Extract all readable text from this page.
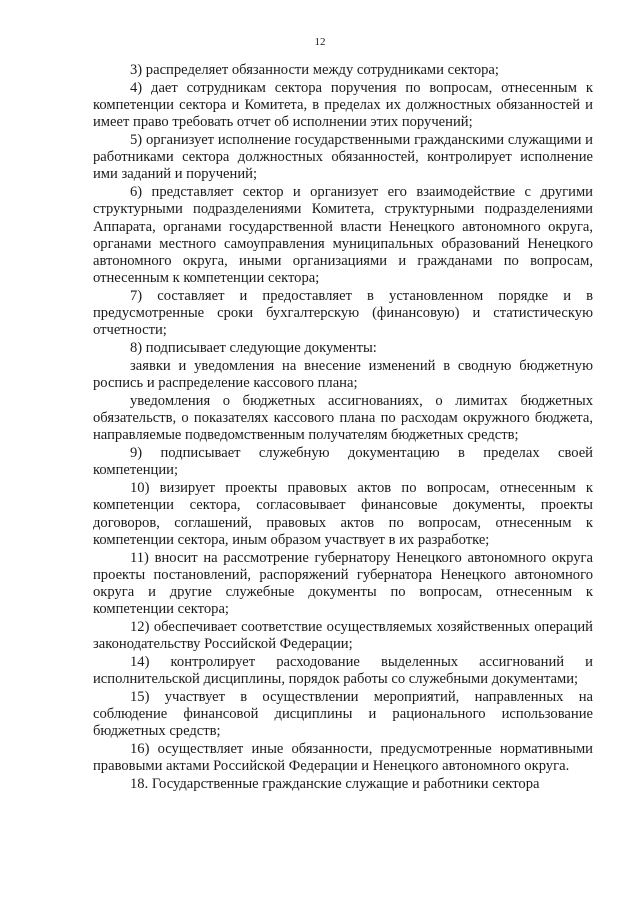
12

3) распределяет обязанности между сотрудниками сектора;

4) дает сотрудникам сектора поручения по вопросам, отнесенным к компетенции сектора и Комитета, в пределах их должностных обязанностей и имеет право требовать отчет об исполнении этих поручений;

5) организует исполнение государственными гражданскими служащими и работниками сектора должностных обязанностей, контролирует исполнение ими заданий и поручений;

6) представляет сектор и организует его взаимодействие с другими структурными подразделениями Комитета, структурными подразделениями Аппарата, органами государственной власти Ненецкого автономного округа, органами местного самоуправления муниципальных образований Ненецкого автономного округа, иными организациями и гражданами по вопросам, отнесенным к компетенции сектора;

7) составляет и предоставляет в установленном порядке и в предусмотренные сроки бухгалтерскую (финансовую) и статистическую отчетности;

8) подписывает следующие документы:

заявки и уведомления на внесение изменений в сводную бюджетную роспись и распределение кассового плана;

уведомления о бюджетных ассигнованиях, о лимитах бюджетных обязательств, о показателях кассового плана по расходам окружного бюджета, направляемые подведомственным получателям бюджетных средств;

9) подписывает служебную документацию в пределах своей компетенции;

10) визирует проекты правовых актов по вопросам, отнесенным к компетенции сектора, согласовывает финансовые документы, проекты договоров, соглашений, правовых актов по вопросам, отнесенным к компетенции сектора, иным образом участвует в их разработке;

11) вносит на рассмотрение губернатору Ненецкого автономного округа проекты постановлений, распоряжений губернатора Ненецкого автономного округа и другие служебные документы по вопросам, отнесенным к компетенции сектора;

12) обеспечивает соответствие осуществляемых хозяйственных операций законодательству Российской Федерации;

14) контролирует расходование выделенных ассигнований и исполнительской дисциплины, порядок работы со служебными документами;

15) участвует в осуществлении мероприятий, направленных на соблюдение финансовой дисциплины и рационального использование бюджетных средств;

16) осуществляет иные обязанности, предусмотренные нормативными правовыми актами Российской Федерации и Ненецкого автономного округа.

18. Государственные гражданские служащие и работники сектора
